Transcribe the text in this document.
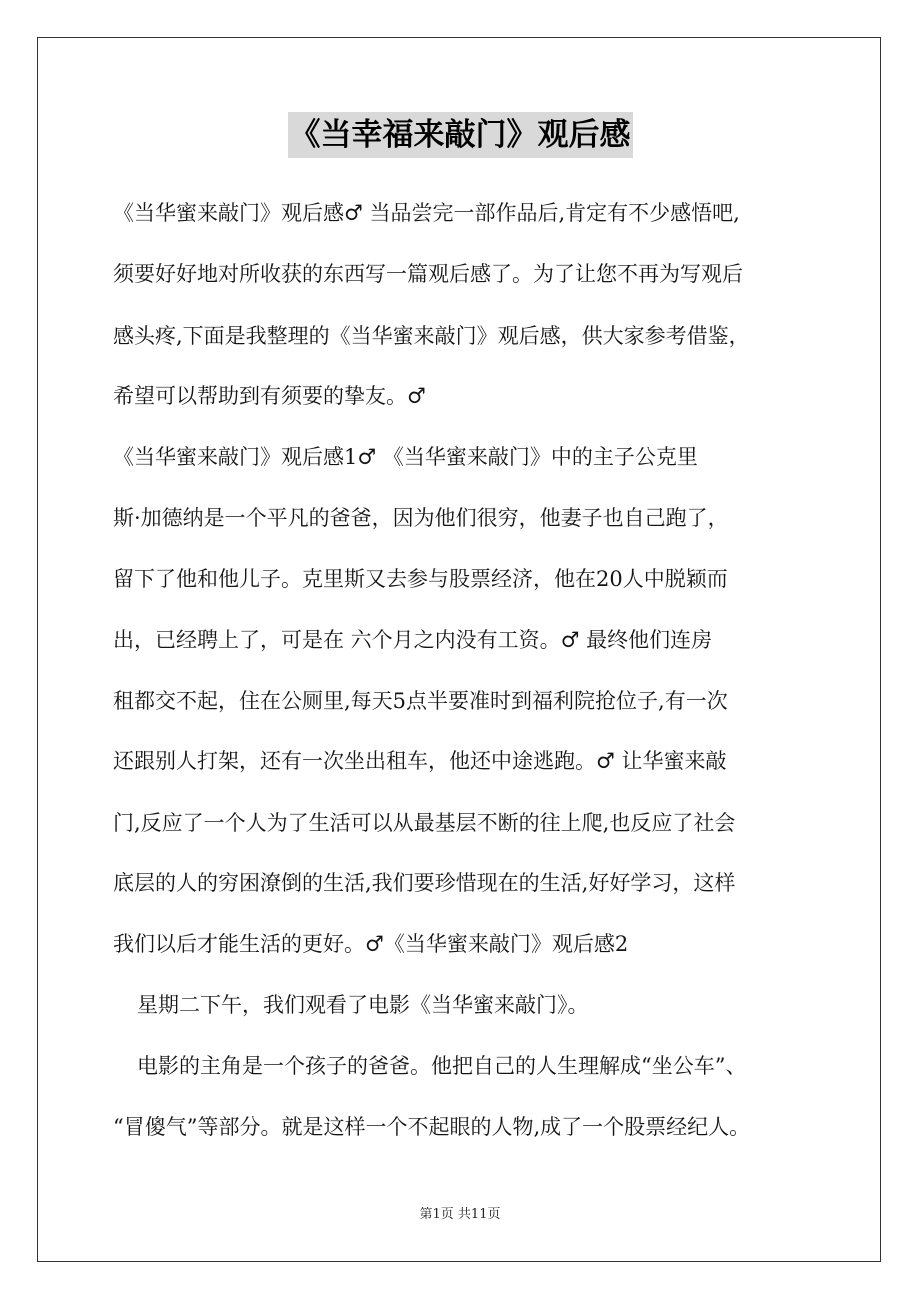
《当幸福来敲门》观后感
《当华蜜来敲门》观后感♂ 当品尝完一部作品后,肯定有不少感悟吧,
须要好好地对所收获的东西写一篇观后感了。为了让您不再为写观后
感头疼,下面是我整理的《当华蜜来敲门》观后感，供大家参考借鉴，
希望可以帮助到有须要的挚友。♂
《当华蜜来敲门》观后感1♂ 《当华蜜来敲门》中的主子公克里
斯·加德纳是一个平凡的爸爸，因为他们很穷，他妻子也自己跑了，
留下了他和他儿子。克里斯又去参与股票经济，他在20人中脱颖而
出，已经聘上了，可是在 六个月之内没有工资。♂ 最终他们连房
租都交不起，住在公厕里,每天5点半要准时到福利院抢位子,有一次
还跟别人打架，还有一次坐出租车，他还中途逃跑。♂ 让华蜜来敲
门,反应了一个人为了生活可以从最基层不断的往上爬,也反应了社会
底层的人的穷困潦倒的生活,我们要珍惜现在的生活,好好学习，这样
我们以后才能生活的更好。♂《当华蜜来敲门》观后感2
星期二下午，我们观看了电影《当华蜜来敲门》。
电影的主角是一个孩子的爸爸。他把自己的人生理解成“坐公车”、
“冒傻气”等部分。就是这样一个不起眼的人物,成了一个股票经纪人。
第1页 共11页
